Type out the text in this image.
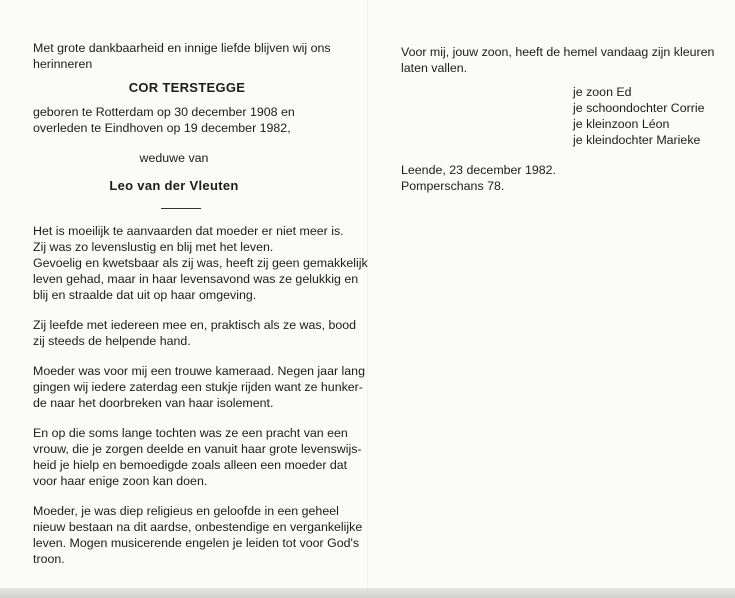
Met grote dankbaarheid en innige liefde blijven wij ons
herinneren

COR TERSTEGGE

geboren te Rotterdam op 30 december 1908 en
overleden te Eindhoven op 19 december 1982,

weduwe van

Leo van der Vleuten

Het is moeilijk te aanvaarden dat moeder er niet meer is.
Zij was zo levenslustig en blij met het leven.
Gevoelig en kwetsbaar als zij was, heeft zij geen gemakkelijk
leven gehad, maar in haar levensavond was ze gelukkig en
blij en straalde dat uit op haar omgeving.

Zij leefde met iedereen mee en, praktisch als ze was, bood
zij steeds de helpende hand.

Moeder was voor mij een trouwe kameraad. Negen jaar lang
gingen wij iedere zaterdag een stukje rijden want ze hunker-
de naar het doorbreken van haar isolement.

En op die soms lange tochten was ze een pracht van een
vrouw, die je zorgen deelde en vanuit haar grote levenswijs-
heid je hielp en bemoedigde zoals alleen een moeder dat
voor haar enige zoon kan doen.

Moeder, je was diep religieus en geloofde in een geheel
nieuw bestaan na dit aardse, onbestendige en vergankelijke
leven. Mogen musicerende engelen je leiden tot voor God's
troon.

Voor mij, jouw zoon, heeft de hemel vandaag zijn kleuren
laten vallen.

je zoon Ed
je schoondochter Corrie
je kleinzoon Léon
je kleindochter Marieke

Leende, 23 december 1982.
Pomperschans 78.
